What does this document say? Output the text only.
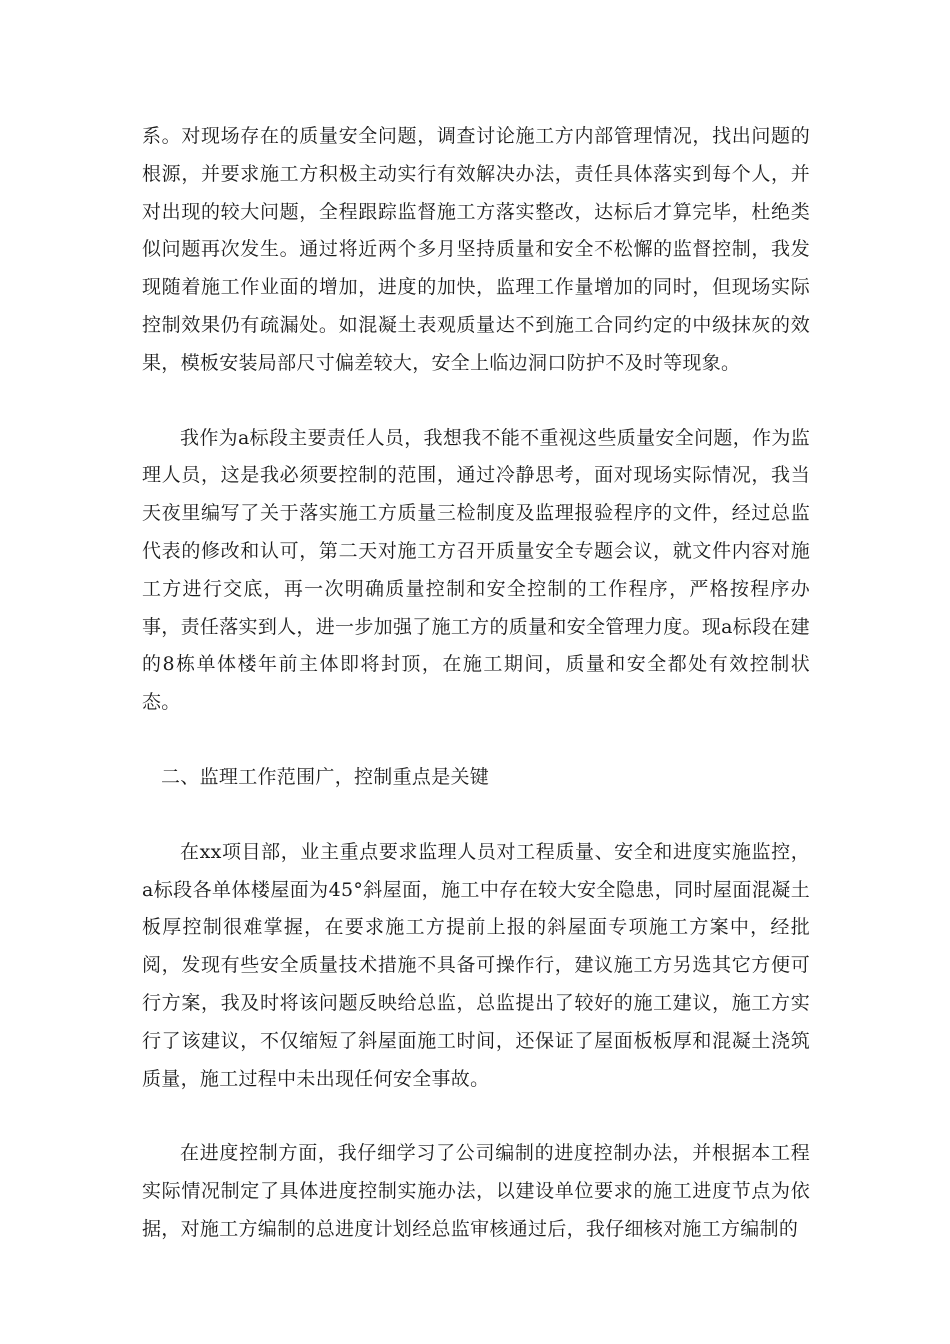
系。对现场存在的质量安全问题，调查讨论施工方内部管理情况，找出问题的根源，并要求施工方积极主动实行有效解决办法，责任具体落实到每个人，并对出现的较大问题，全程跟踪监督施工方落实整改，达标后才算完毕，杜绝类似问题再次发生。通过将近两个多月坚持质量和安全不松懈的监督控制，我发现随着施工作业面的增加，进度的加快，监理工作量增加的同时，但现场实际控制效果仍有疏漏处。如混凝土表观质量达不到施工合同约定的中级抹灰的效果，模板安装局部尺寸偏差较大，安全上临边洞口防护不及时等现象。

我作为a标段主要责任人员，我想我不能不重视这些质量安全问题，作为监理人员，这是我必须要控制的范围，通过冷静思考，面对现场实际情况，我当天夜里编写了关于落实施工方质量三检制度及监理报验程序的文件，经过总监代表的修改和认可，第二天对施工方召开质量安全专题会议，就文件内容对施工方进行交底，再一次明确质量控制和安全控制的工作程序，严格按程序办事，责任落实到人，进一步加强了施工方的质量和安全管理力度。现a标段在建的8栋单体楼年前主体即将封顶，在施工期间，质量和安全都处有效控制状态。

二、监理工作范围广，控制重点是关键

在xx项目部，业主重点要求监理人员对工程质量、安全和进度实施监控，a标段各单体楼屋面为45°斜屋面，施工中存在较大安全隐患，同时屋面混凝土板厚控制很难掌握，在要求施工方提前上报的斜屋面专项施工方案中，经批阅，发现有些安全质量技术措施不具备可操作行，建议施工方另选其它方便可行方案，我及时将该问题反映给总监，总监提出了较好的施工建议，施工方实行了该建议，不仅缩短了斜屋面施工时间，还保证了屋面板板厚和混凝土浇筑质量，施工过程中未出现任何安全事故。

在进度控制方面，我仔细学习了公司编制的进度控制办法，并根据本工程实际情况制定了具体进度控制实施办法，以建设单位要求的施工进度节点为依据，对施工方编制的总进度计划经总监审核通过后，我仔细核对施工方编制的
